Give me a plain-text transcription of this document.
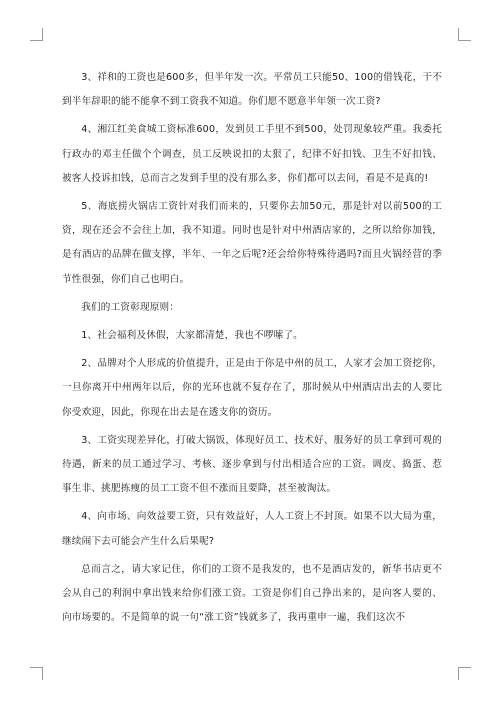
3、祥和的工资也是600多，但半年发一次。平常员工只能50、100的借钱花，干不到半年辞职的能不能拿不到工资我不知道。你们愿不愿意半年领一次工资?

4、湘江红美食城工资标准600，发到员工手里不到500，处罚现象较严重。我委托行政办的邓主任做个个调查，员工反映说扣的太狠了，纪律不好扣钱、卫生不好扣钱、被客人投诉扣钱，总而言之发到手里的没有那么多，你们都可以去问，看是不是真的!

5、海底捞火锅店工资针对我们而来的，只要你去加50元，那是针对以前500的工资，现在还会不会往上加，我不知道。同时也是针对中州酒店家的，之所以给你加钱，是有酒店的品牌在做支撑，半年、一年之后呢?还会给你特殊待遇吗?而且火锅经营的季节性很强，你们自己也明白。

我们的工资彰现原则：

1、社会福利及休假，大家都清楚，我也不啰嗦了。

2、品牌对个人形成的价值提升，正是由于你是中州的员工，人家才会加工资挖你，一旦你离开中州两年以后，你的光环也就不复存在了，那时候从中州酒店出去的人要比你受欢迎，因此，你现在出去是在透支你的资历。

3、工资实现差异化，打破大锅饭，体现好员工、技术好、服务好的员工拿到可观的待遇，新来的员工通过学习、考核、逐步拿到与付出相适合应的工资。调皮、捣蛋、惹事生非、挑肥拣瘦的员工工资不但不涨而且要降，甚至被淘汰。

4、向市场、向效益要工资，只有效益好，人人工资上不封顶。如果不以大局为重，继续闹下去可能会产生什么后果呢?

总而言之，请大家记住，你们的工资不是我发的，也不是酒店发的，新华书店更不会从自己的利润中拿出钱来给你们涨工资。工资是你们自己挣出来的，是向客人要的、向市场要的。不是简单的说一句“涨工资”钱就多了，我再重申一遍，我们这次不
